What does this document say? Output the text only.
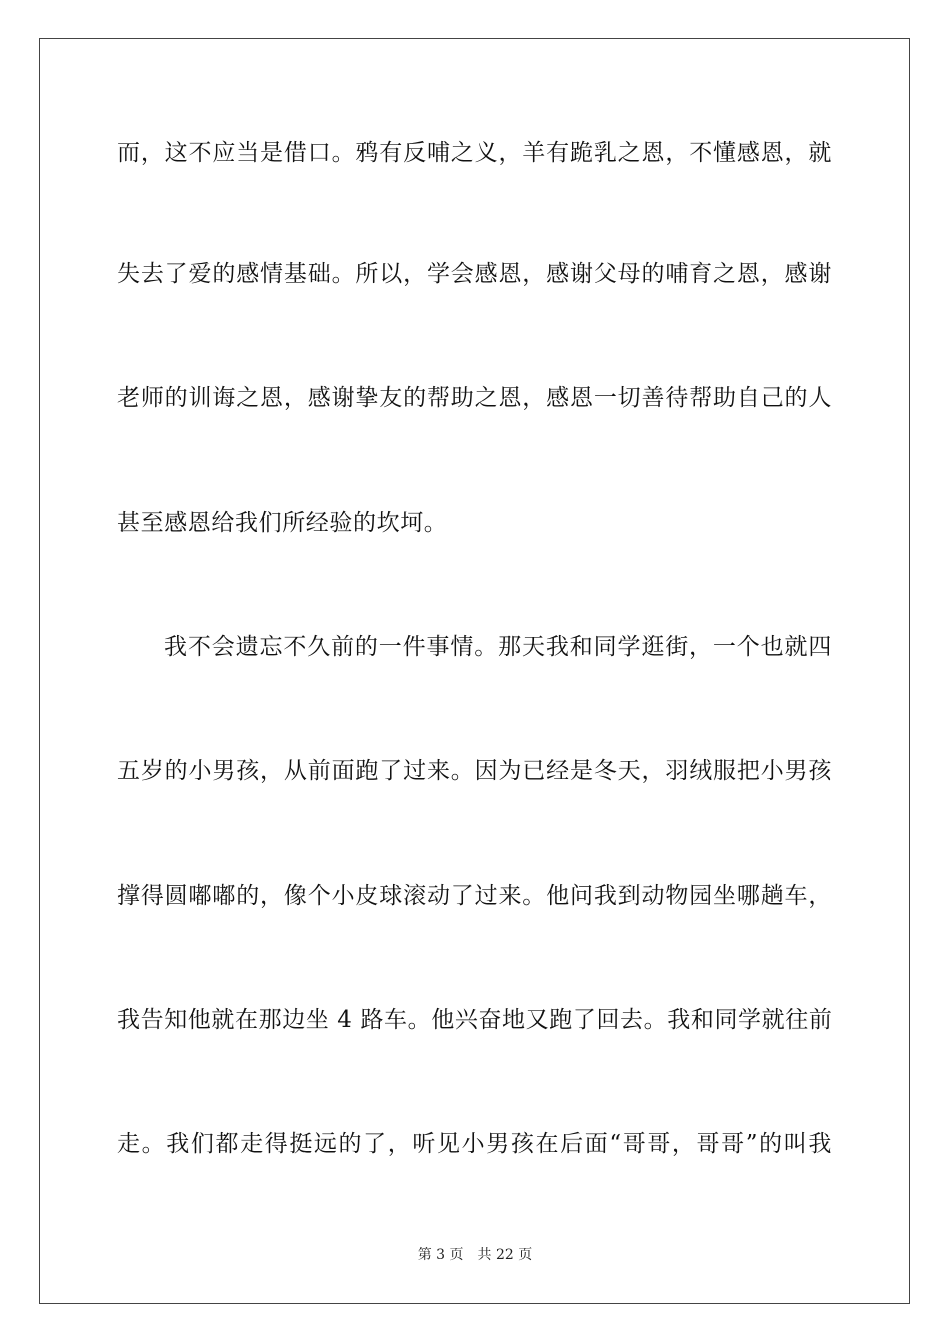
而，这不应当是借口。鸦有反哺之义，羊有跪乳之恩，不懂感恩，就
失去了爱的感情基础。所以，学会感恩，感谢父母的哺育之恩，感谢
老师的训诲之恩，感谢挚友的帮助之恩，感恩一切善待帮助自己的人
甚至感恩给我们所经验的坎坷。
我不会遗忘不久前的一件事情。那天我和同学逛街，一个也就四
五岁的小男孩，从前面跑了过来。因为已经是冬天，羽绒服把小男孩
撑得圆嘟嘟的，像个小皮球滚动了过来。他问我到动物园坐哪趟车，
我告知他就在那边坐 4 路车。他兴奋地又跑了回去。我和同学就往前
走。我们都走得挺远的了，听见小男孩在后面“哥哥，哥哥”的叫我
第 3 页 共 22 页
